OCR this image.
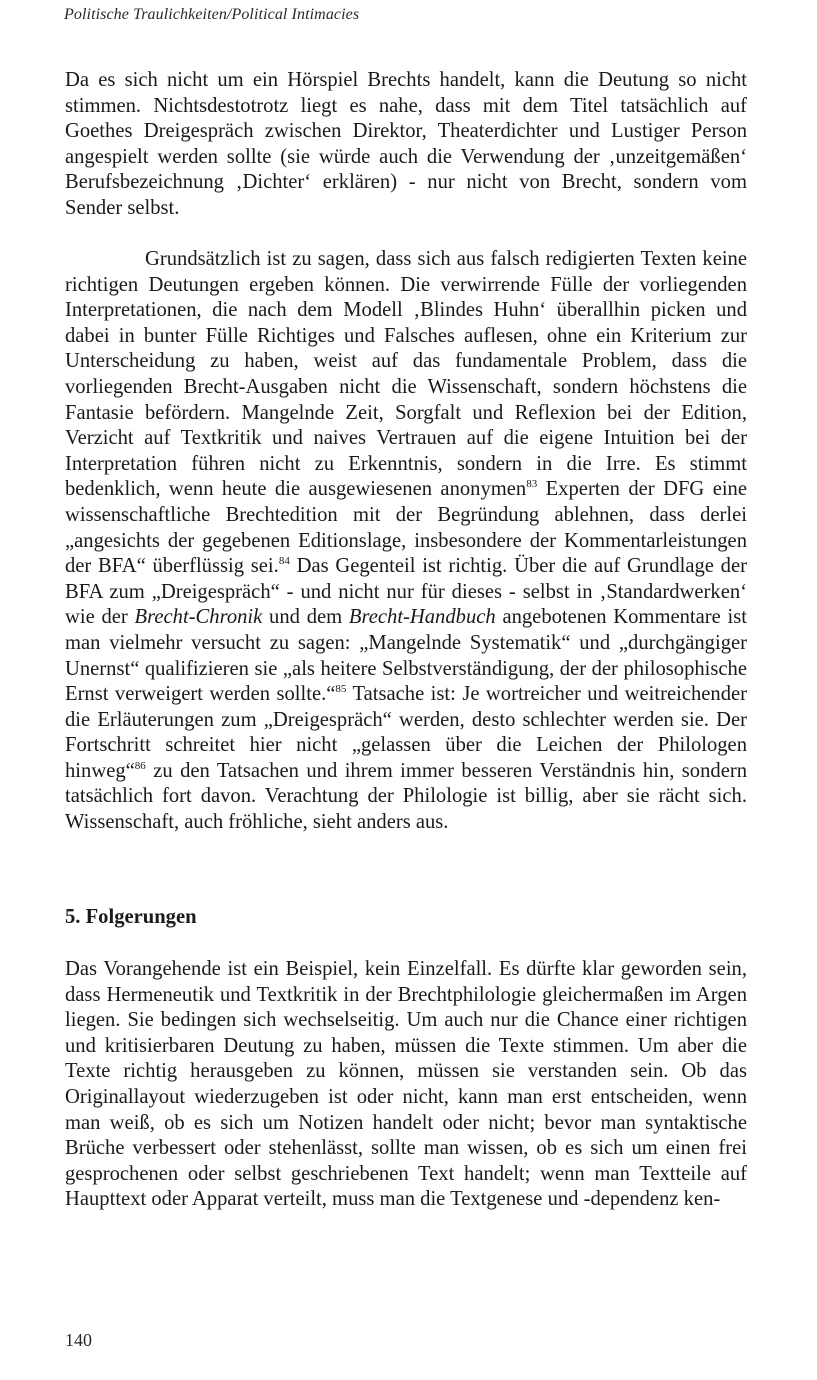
Politische Traulichkeiten/Political Intimacies

Da es sich nicht um ein Hörspiel Brechts handelt, kann die Deutung so nicht stimmen. Nichtsdestotrotz liegt es nahe, dass mit dem Titel tatsächlich auf Goethes Dreigespräch zwischen Direktor, Theaterdichter und Lustiger Person angespielt werden sollte (sie würde auch die Verwendung der ‚unzeitgemäßen‘ Berufsbezeichnung ‚Dichter‘ erklären) - nur nicht von Brecht, sondern vom Sender selbst.

Grundsätzlich ist zu sagen, dass sich aus falsch redigierten Texten keine richtigen Deutungen ergeben können. Die verwirrende Fülle der vorliegenden Interpretationen, die nach dem Modell ‚Blindes Huhn‘ überallhin picken und dabei in bunter Fülle Richtiges und Falsches auflesen, ohne ein Kriterium zur Unterscheidung zu haben, weist auf das fundamentale Problem, dass die vorliegenden Brecht-Ausgaben nicht die Wissenschaft, sondern höchstens die Fantasie befördern. Mangelnde Zeit, Sorgfalt und Reflexion bei der Edition, Verzicht auf Textkritik und naives Vertrauen auf die eigene Intuition bei der Interpretation führen nicht zu Erkenntnis, sondern in die Irre. Es stimmt bedenklich, wenn heute die ausgewiesenen anonymen$^{83}$ Experten der DFG eine wissenschaftliche Brechtedition mit der Begründung ablehnen, dass derlei „angesichts der gegebenen Editionslage, insbesondere der Kommentarleistungen der BFA“ überflüssig sei.$^{84}$ Das Gegenteil ist richtig. Über die auf Grundlage der BFA zum „Dreigespräch“ - und nicht nur für dieses - selbst in ‚Standardwerken‘ wie der Brecht-Chronik und dem Brecht-Handbuch angebotenen Kommentare ist man vielmehr versucht zu sagen: „Mangelnde Systematik“ und „durchgängiger Unernst“ qualifizieren sie „als heitere Selbstverständigung, der der philosophische Ernst verweigert werden sollte.“$^{85}$ Tatsache ist: Je wortreicher und weitreichender die Erläuterungen zum „Dreigespräch“ werden, desto schlechter werden sie. Der Fortschritt schreitet hier nicht „gelassen über die Leichen der Philologen hinweg“$^{86}$ zu den Tatsachen und ihrem immer besseren Verständnis hin, sondern tatsächlich fort davon. Verachtung der Philologie ist billig, aber sie rächt sich. Wissenschaft, auch fröhliche, sieht anders aus.

5. Folgerungen

Das Vorangehende ist ein Beispiel, kein Einzelfall. Es dürfte klar geworden sein, dass Hermeneutik und Textkritik in der Brechtphilologie gleichermaßen im Argen liegen. Sie bedingen sich wechselseitig. Um auch nur die Chance einer richtigen und kritisierbaren Deutung zu haben, müssen die Texte stimmen. Um aber die Texte richtig herausgeben zu können, müssen sie verstanden sein. Ob das Originallayout wiederzugeben ist oder nicht, kann man erst entscheiden, wenn man weiß, ob es sich um Notizen handelt oder nicht; bevor man syntaktische Brüche verbessert oder stehenlässt, sollte man wissen, ob es sich um einen frei gesprochenen oder selbst geschriebenen Text handelt; wenn man Textteile auf Haupttext oder Apparat verteilt, muss man die Textgenese und -dependenz ken-

140
